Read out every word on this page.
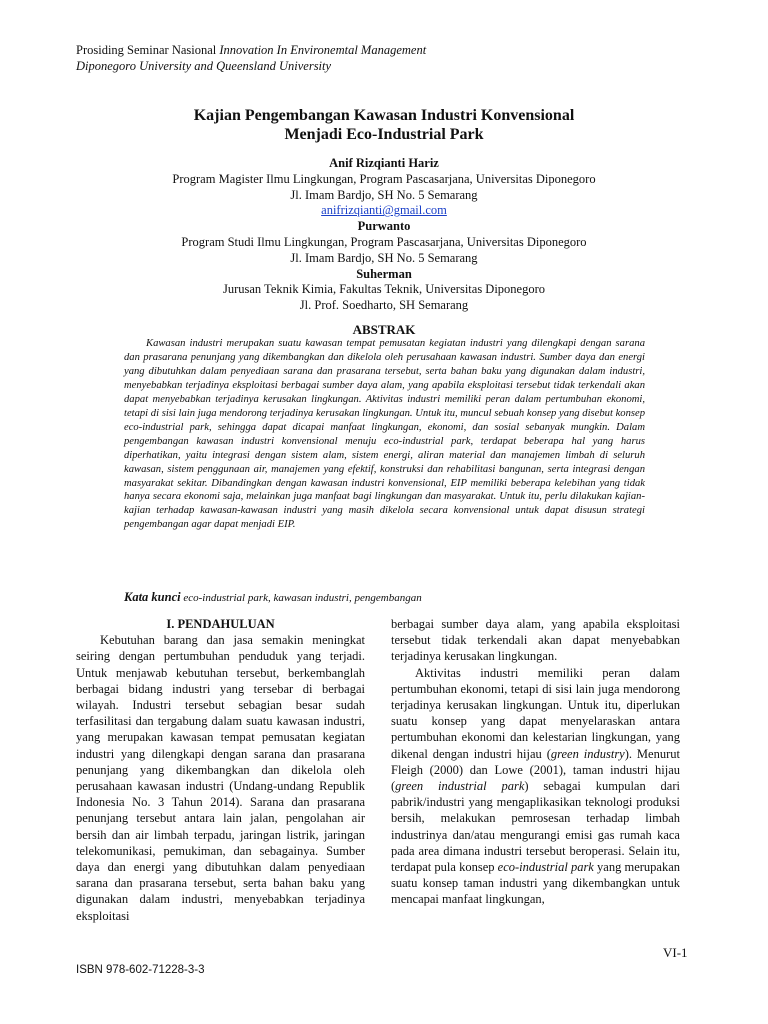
Prosiding Seminar Nasional Innovation In Environemtal Management
Diponegoro University and Queensland University
Kajian Pengembangan Kawasan Industri Konvensional
Menjadi Eco-Industrial Park
Anif Rizqianti Hariz
Program Magister Ilmu Lingkungan, Program Pascasarjana, Universitas Diponegoro
Jl. Imam Bardjo, SH No. 5 Semarang
anifrizqianti@gmail.com
Purwanto
Program Studi Ilmu Lingkungan, Program Pascasarjana, Universitas Diponegoro
Jl. Imam Bardjo, SH No. 5 Semarang
Suherman
Jurusan Teknik Kimia, Fakultas Teknik, Universitas Diponegoro
Jl. Prof. Soedharto, SH Semarang
ABSTRAK

Kawasan industri merupakan suatu kawasan tempat pemusatan kegiatan industri yang dilengkapi dengan sarana dan prasarana penunjang yang dikembangkan dan dikelola oleh perusahaan kawasan industri. Sumber daya dan energi yang dibutuhkan dalam penyediaan sarana dan prasarana tersebut, serta bahan baku yang digunakan dalam industri, menyebabkan terjadinya eksploitasi berbagai sumber daya alam, yang apabila eksploitasi tersebut tidak terkendali akan dapat menyebabkan terjadinya kerusakan lingkungan. Aktivitas industri memiliki peran dalam pertumbuhan ekonomi, tetapi di sisi lain juga mendorong terjadinya kerusakan lingkungan. Untuk itu, muncul sebuah konsep yang disebut konsep eco-industrial park, sehingga dapat dicapai manfaat lingkungan, ekonomi, dan sosial sebanyak mungkin. Dalam pengembangan kawasan industri konvensional menuju eco-industrial park, terdapat beberapa hal yang harus diperhatikan, yaitu integrasi dengan sistem alam, sistem energi, aliran material dan manajemen limbah di seluruh kawasan, sistem penggunaan air, manajemen yang efektif, konstruksi dan rehabilitasi bangunan, serta integrasi dengan masyarakat sekitar. Dibandingkan dengan kawasan industri konvensional, EIP memiliki beberapa kelebihan yang tidak hanya secara ekonomi saja, melainkan juga manfaat bagi lingkungan dan masyarakat. Untuk itu, perlu dilakukan kajian-kajian terhadap kawasan-kawasan industri yang masih dikelola secara konvensional untuk dapat disusun strategi pengembangan agar dapat menjadi EIP.

Kata kunci eco-industrial park, kawasan industri, pengembangan
I. PENDAHULUAN

Kebutuhan barang dan jasa semakin meningkat seiring dengan pertumbuhan penduduk yang terjadi. Untuk menjawab kebutuhan tersebut, berkembanglah berbagai bidang industri yang tersebar di berbagai wilayah. Industri tersebut sebagian besar sudah terfasilitasi dan tergabung dalam suatu kawasan industri, yang merupakan kawasan tempat pemusatan kegiatan industri yang dilengkapi dengan sarana dan prasarana penunjang yang dikembangkan dan dikelola oleh perusahaan kawasan industri (Undang-undang Republik Indonesia No. 3 Tahun 2014). Sarana dan prasarana penunjang tersebut antara lain jalan, pengolahan air bersih dan air limbah terpadu, jaringan listrik, jaringan telekomunikasi, pemukiman, dan sebagainya. Sumber daya dan energi yang dibutuhkan dalam penyediaan sarana dan prasarana tersebut, serta bahan baku yang digunakan dalam industri, menyebabkan terjadinya eksploitasi

berbagai sumber daya alam, yang apabila eksploitasi tersebut tidak terkendali akan dapat menyebabkan terjadinya kerusakan lingkungan.

Aktivitas industri memiliki peran dalam pertumbuhan ekonomi, tetapi di sisi lain juga mendorong terjadinya kerusakan lingkungan. Untuk itu, diperlukan suatu konsep yang dapat menyelaraskan antara pertumbuhan ekonomi dan kelestarian lingkungan, yang dikenal dengan industri hijau (green industry). Menurut Fleigh (2000) dan Lowe (2001), taman industri hijau (green industrial park) sebagai kumpulan dari pabrik/industri yang mengaplikasikan teknologi produksi bersih, melakukan pemrosesan terhadap limbah industrinya dan/atau mengurangi emisi gas rumah kaca pada area dimana industri tersebut beroperasi. Selain itu, terdapat pula konsep eco-industrial park yang merupakan suatu konsep taman industri yang dikembangkan untuk mencapai manfaat lingkungan,

VI-1
ISBN 978-602-71228-3-3
